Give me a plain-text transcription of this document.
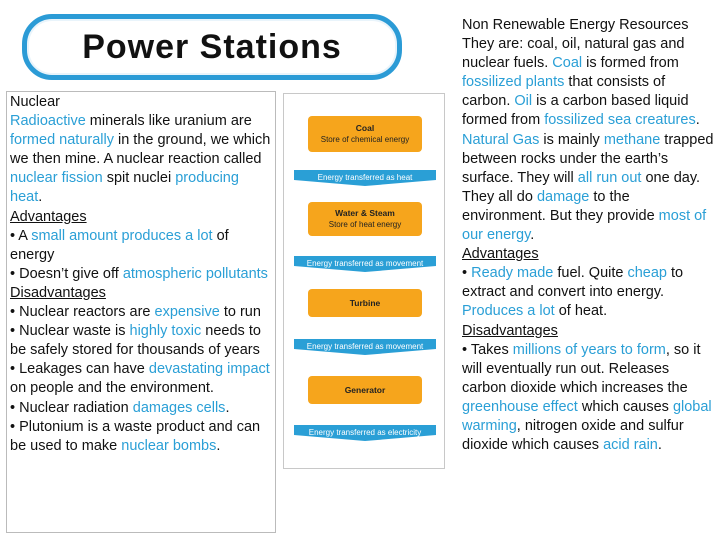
Power Stations

Nuclear

Radioactive minerals like uranium are formed naturally in the ground, we which we then mine. A nuclear reaction called nuclear fission spit nuclei producing heat.

Advantages

• A small amount produces a lot of energy

• Doesn’t give off atmospheric pollutants

Disadvantages

• Nuclear reactors are expensive to run

• Nuclear waste is highly toxic needs to be safely stored for thousands of years

• Leakages can have devastating impact on people and the environment.

• Nuclear radiation damages cells.

• Plutonium is a waste product and can be used to make nuclear bombs.

Coal
Store of chemical energy
Energy transferred as heat
Water & Steam
Store of heat energy
Energy transferred as movement
Turbine
Energy transferred as movement
Generator
Energy transferred as electricity

Non Renewable Energy Resources

They are: coal, oil, natural gas and nuclear fuels. Coal is formed from fossilized plants that consists of carbon. Oil is a carbon based liquid formed from fossilized sea creatures. Natural Gas is mainly methane trapped between rocks under the earth’s surface. They will all run out one day. They all do damage to the environment. But they provide most of our energy.

Advantages

• Ready made fuel. Quite cheap to extract and convert into energy. Produces a lot of heat.

Disadvantages

• Takes millions of years to form, so it will eventually run out. Releases carbon dioxide which increases the greenhouse effect which causes global warming, nitrogen oxide and sulfur dioxide which causes acid rain.
